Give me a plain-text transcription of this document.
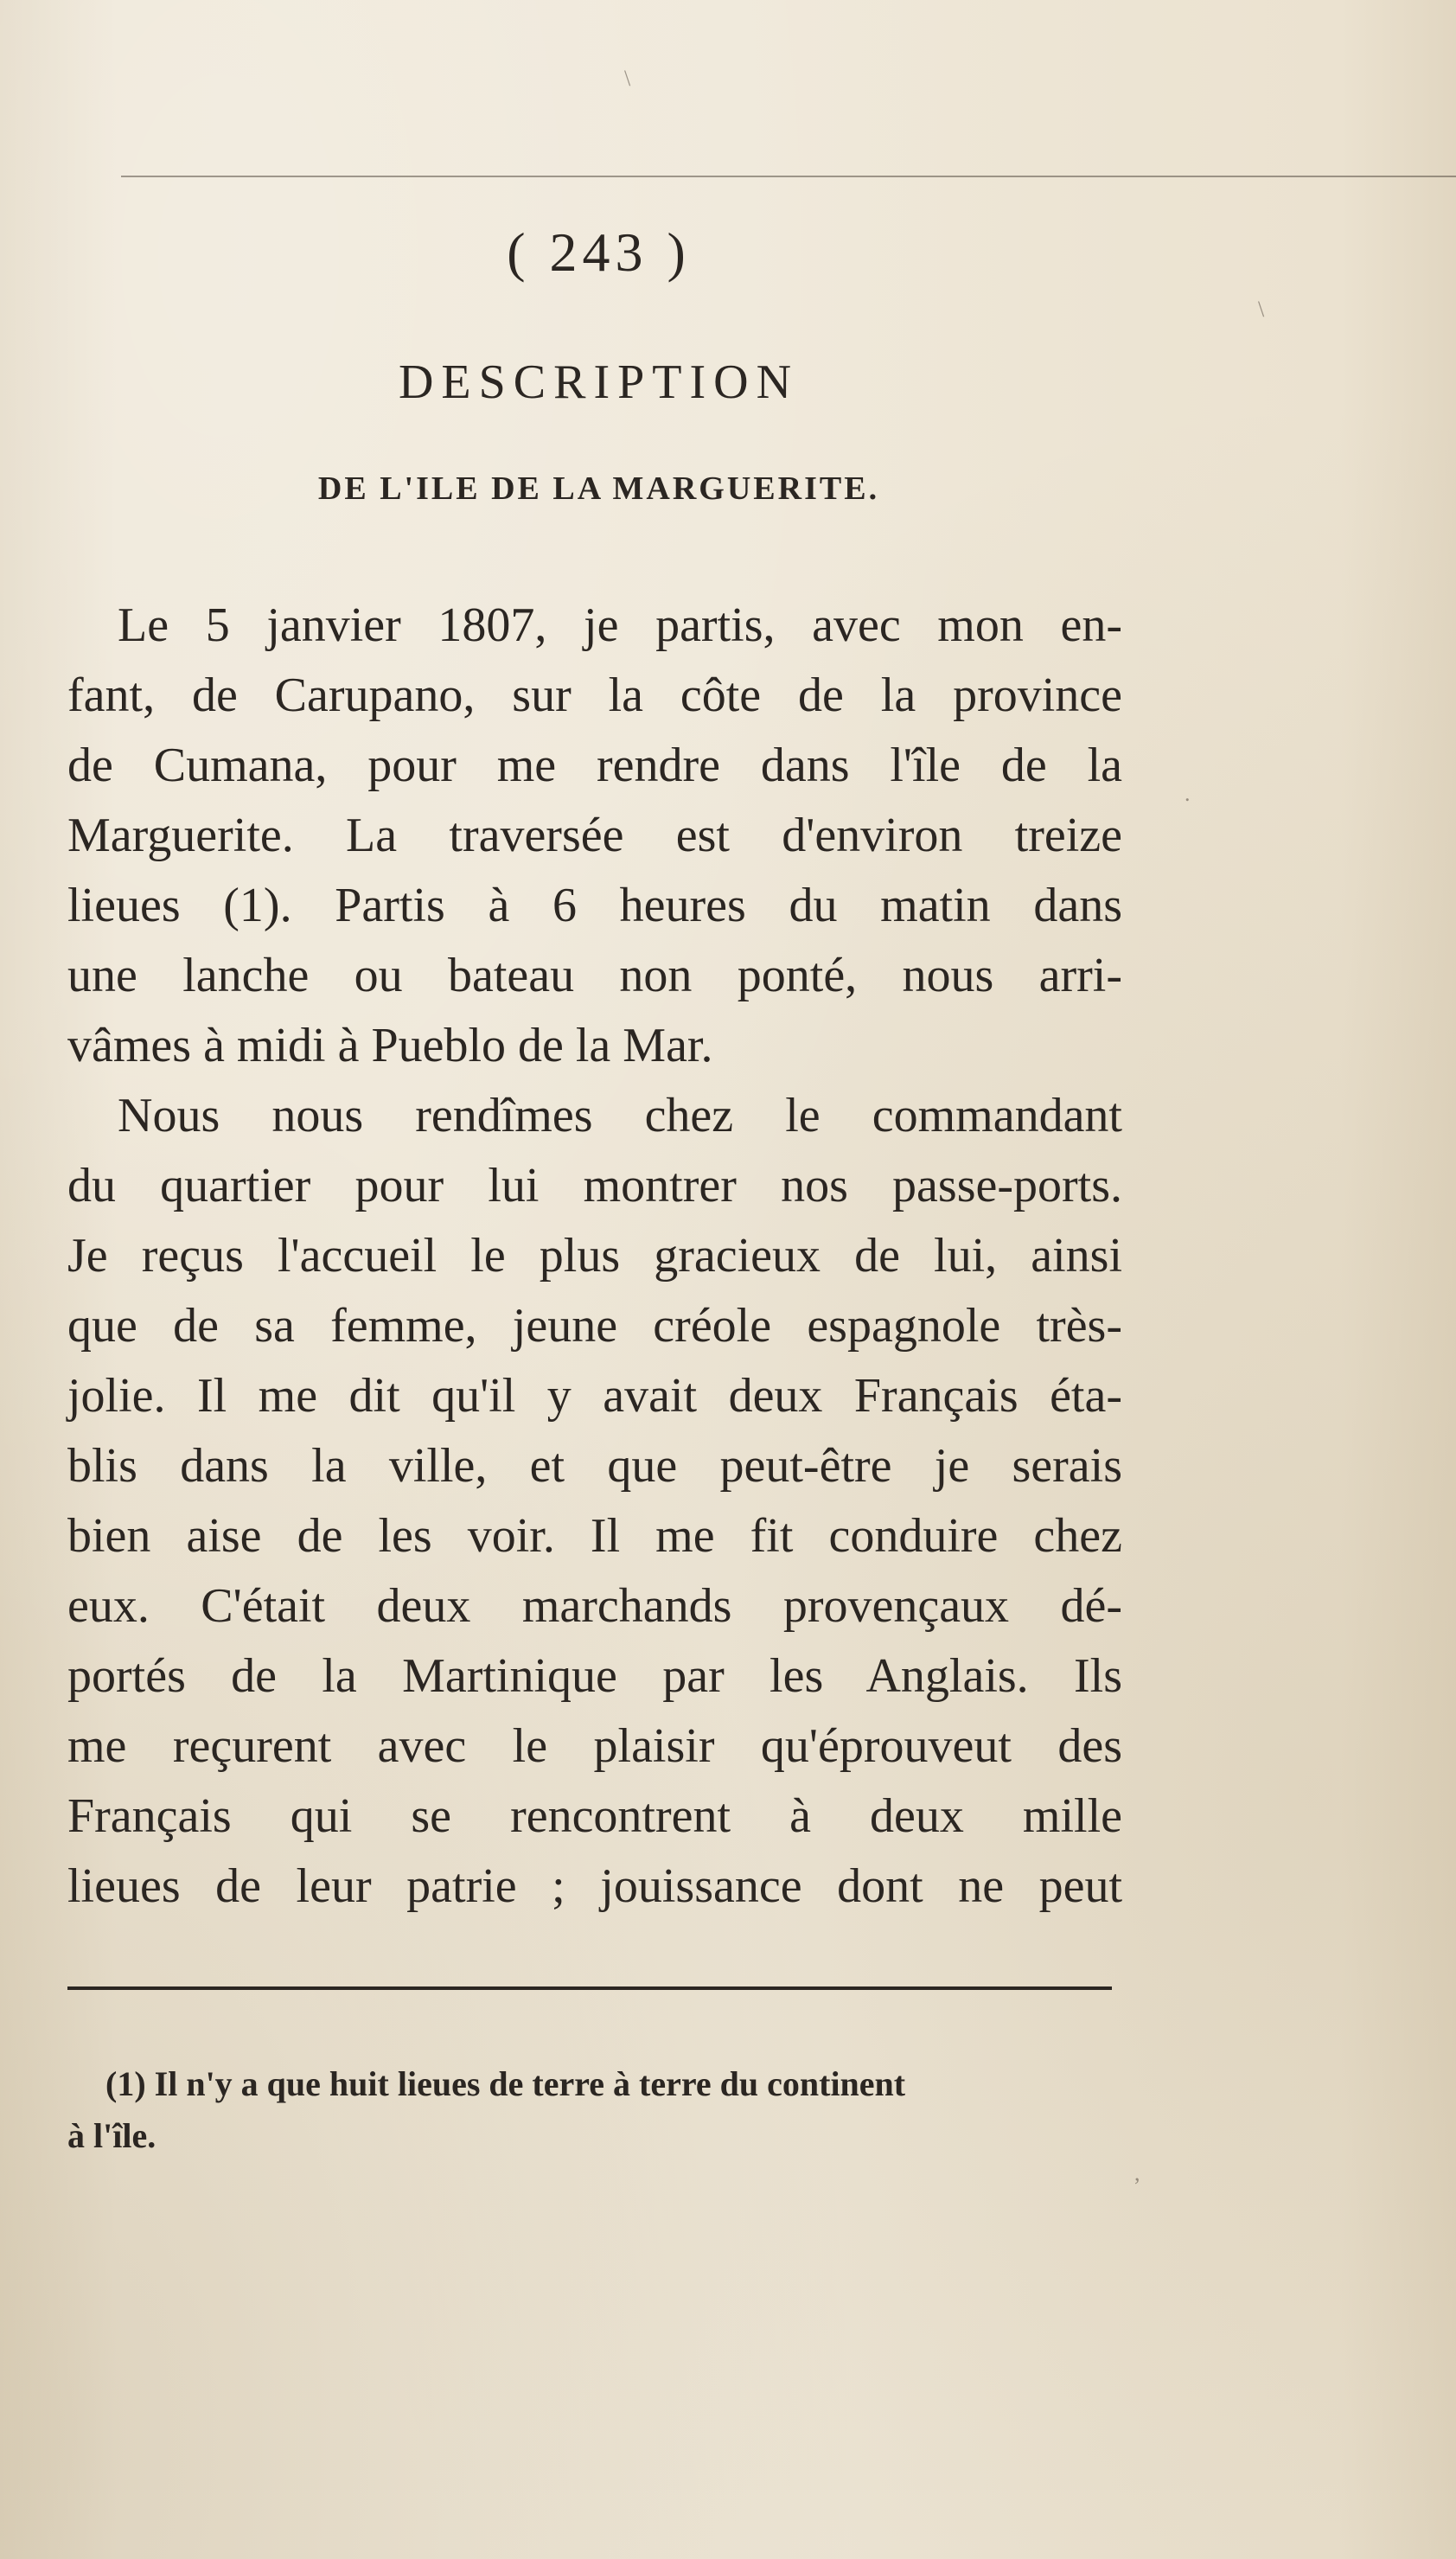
\
\
.
,
( 243 )
DESCRIPTION
DE L'ILE DE LA MARGUERITE.
Le 5 janvier 1807, je partis, avec mon en-
fant, de Carupano, sur la côte de la province
de Cumana, pour me rendre dans l'île de la
Marguerite. La traversée est d'environ treize
lieues (1). Partis à 6 heures du matin dans
une lanche ou bateau non ponté, nous arri-
vâmes à midi à Pueblo de la Mar.
Nous nous rendîmes chez le commandant
du quartier pour lui montrer nos passe-ports.
Je reçus l'accueil le plus gracieux de lui, ainsi
que de sa femme, jeune créole espagnole très-
jolie. Il me dit qu'il y avait deux Français éta-
blis dans la ville, et que peut-être je serais
bien aise de les voir. Il me fit conduire chez
eux. C'était deux marchands provençaux dé-
portés de la Martinique par les Anglais. Ils
me reçurent avec le plaisir qu'éprouveut des
Français qui se rencontrent à deux mille
lieues de leur patrie ; jouissance dont ne peut
(1) Il n'y a que huit lieues de terre à terre du continent
à l'île.
